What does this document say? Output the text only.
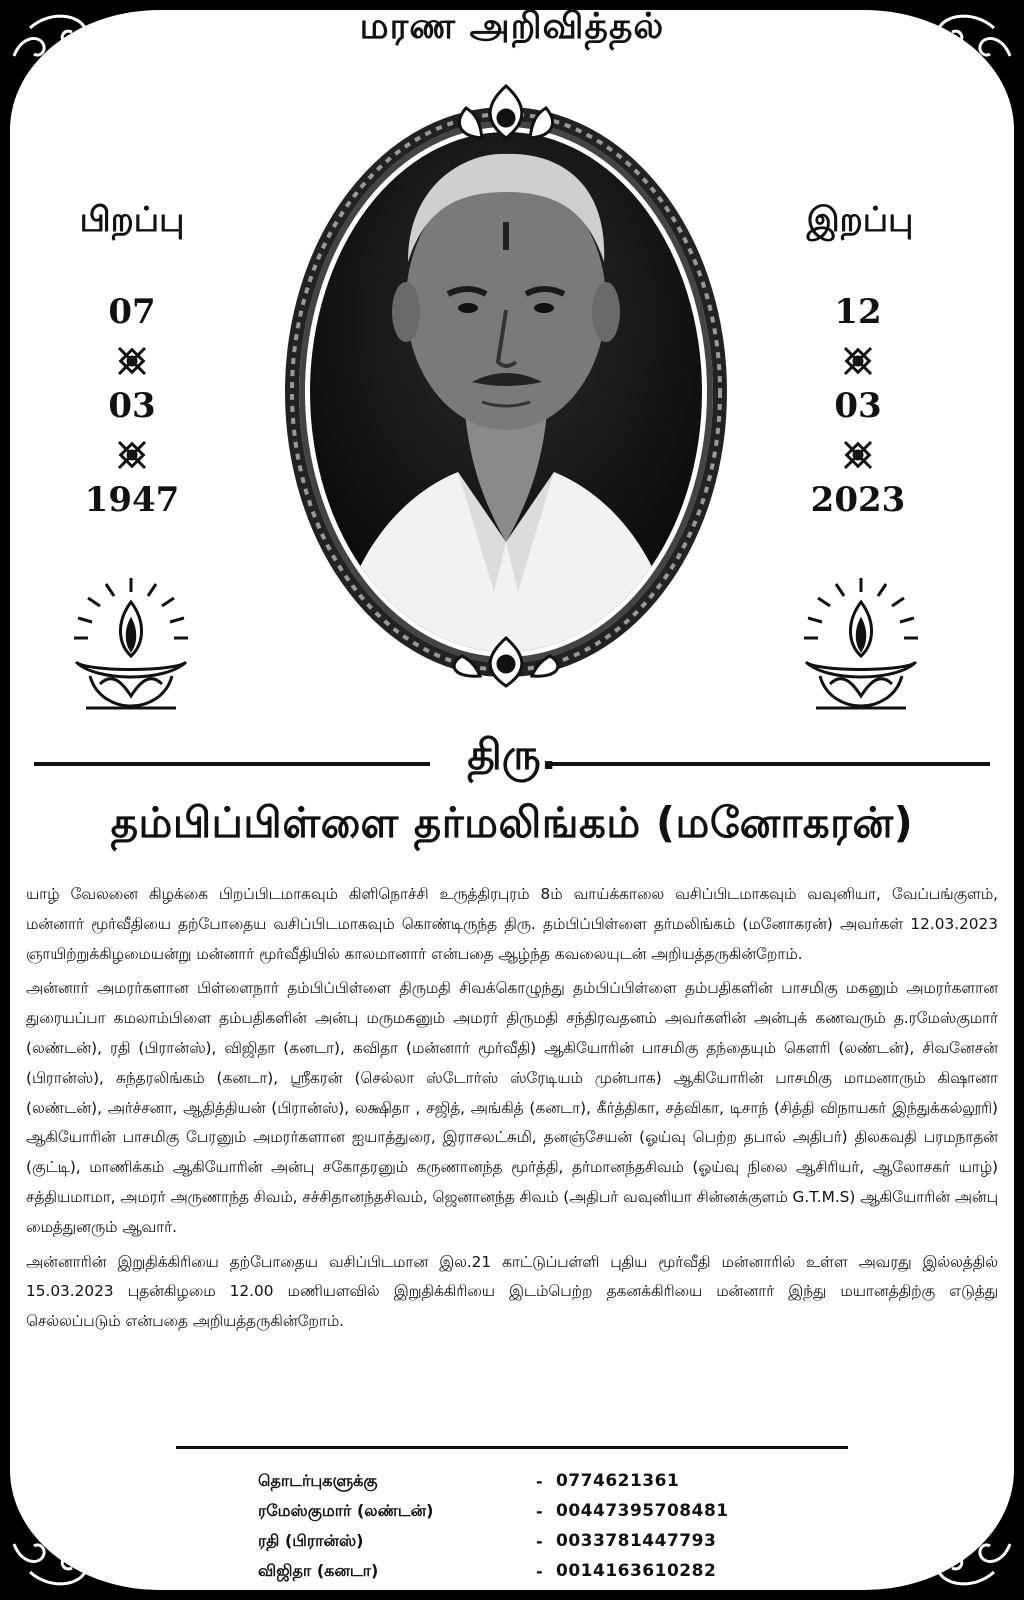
மரண அறிவித்தல்
பிறப்பு
07
03
1947
இறப்பு
12
03
2023
திரு.
தம்பிப்பிள்ளை தர்மலிங்கம் (மனோகரன்)

யாழ் வேலனை கிழக்கை பிறப்பிடமாகவும் கிளிநொச்சி உருத்திரபுரம் 8ம் வாய்க்காலை வசிப்பிடமாகவும் வவுனியா, வேப்பங்குளம், மன்னார் மூர்வீதியை தற்போதைய வசிப்பிடமாகவும் கொண்டிருந்த திரு. தம்பிப்பிள்ளை தர்மலிங்கம் (மனோகரன்) அவர்கள் 12.03.2023 ஞாயிற்றுக்கிழமையன்று மன்னார் மூர்வீதியில் காலமானார் என்பதை ஆழ்ந்த கவலையுடன் அறியத்தருகின்றோம்.

அன்னார் அமரர்களான பிள்ளைநார் தம்பிப்பிள்ளை திருமதி சிவக்கொழுந்து தம்பிப்பிள்ளை தம்பதிகளின் பாசமிகு மகனும் அமரர்களான துரையப்பா கமலாம்பிளை தம்பதிகளின் அன்பு மருமகனும் அமரர் திருமதி சந்திரவதனம் அவர்களின் அன்புக் கணவரும் த.ரமேஸ்குமார் (லண்டன்), ரதி (பிரான்ஸ்), விஜிதா (கனடா), கவிதா (மன்னார் மூர்வீதி) ஆகியோரின் பாசமிகு தந்தையும் கௌரி (லண்டன்), சிவனேசன் (பிரான்ஸ்), சுந்தரலிங்கம் (கனடா), ஸ்ரீகரன் (செல்லா ஸ்டோர்ஸ் ஸ்ரேடியம் முன்பாக) ஆகியோரின் பாசமிகு மாமனாரும் கிஷானா (லண்டன்), அர்ச்சனா, ஆதித்தியன் (பிரான்ஸ்), லக்ஷிதா , சஜித், அங்கித் (கனடா), கீர்த்திகா, சத்விகா, டிசாந் (சித்தி விநாயகர் இந்துக்கல்லூரி) ஆகியோரின் பாசமிகு பேரனும் அமரர்களான ஐயாத்துரை, இராசலட்சுமி, தனஞ்சேயன் (ஓய்வு பெற்ற தபால் அதிபர்) திலகவதி பரமநாதன் (குட்டி), மாணிக்கம் ஆகியோரின் அன்பு சகோதரனும் கருணானந்த மூர்த்தி, தர்மானந்தசிவம் (ஓய்வு நிலை ஆசிரியர், ஆலோசகர் யாழ்) சத்தியமாமா, அமரர் அருணாந்த சிவம், சச்சிதானந்தசிவம், ஜெனானந்த சிவம் (அதிபர் வவுனியா சின்னக்குளம் G.T.M.S) ஆகியோரின் அன்பு மைத்துனரும் ஆவார்.

அன்னாரின் இறுதிக்கிரியை தற்போதைய வசிப்பிடமான இல.21 காட்டுப்பள்ளி புதிய மூர்வீதி மன்னாரில் உள்ள அவரது இல்லத்தில் 15.03.2023 புதன்கிழமை 12.00 மணியளவில் இறுதிக்கிரியை இடம்பெற்ற தகனக்கிரியை மன்னார் இந்து மயானத்திற்கு எடுத்து செல்லப்படும் என்பதை அறியத்தருகின்றோம்.

தொடர்புகளுக்கு	- 0774621361
ரமேஸ்குமார் (லண்டன்)	- 00447395708481
ரதி (பிரான்ஸ்)	- 0033781447793
விஜிதா (கனடா)	- 0014163610282
